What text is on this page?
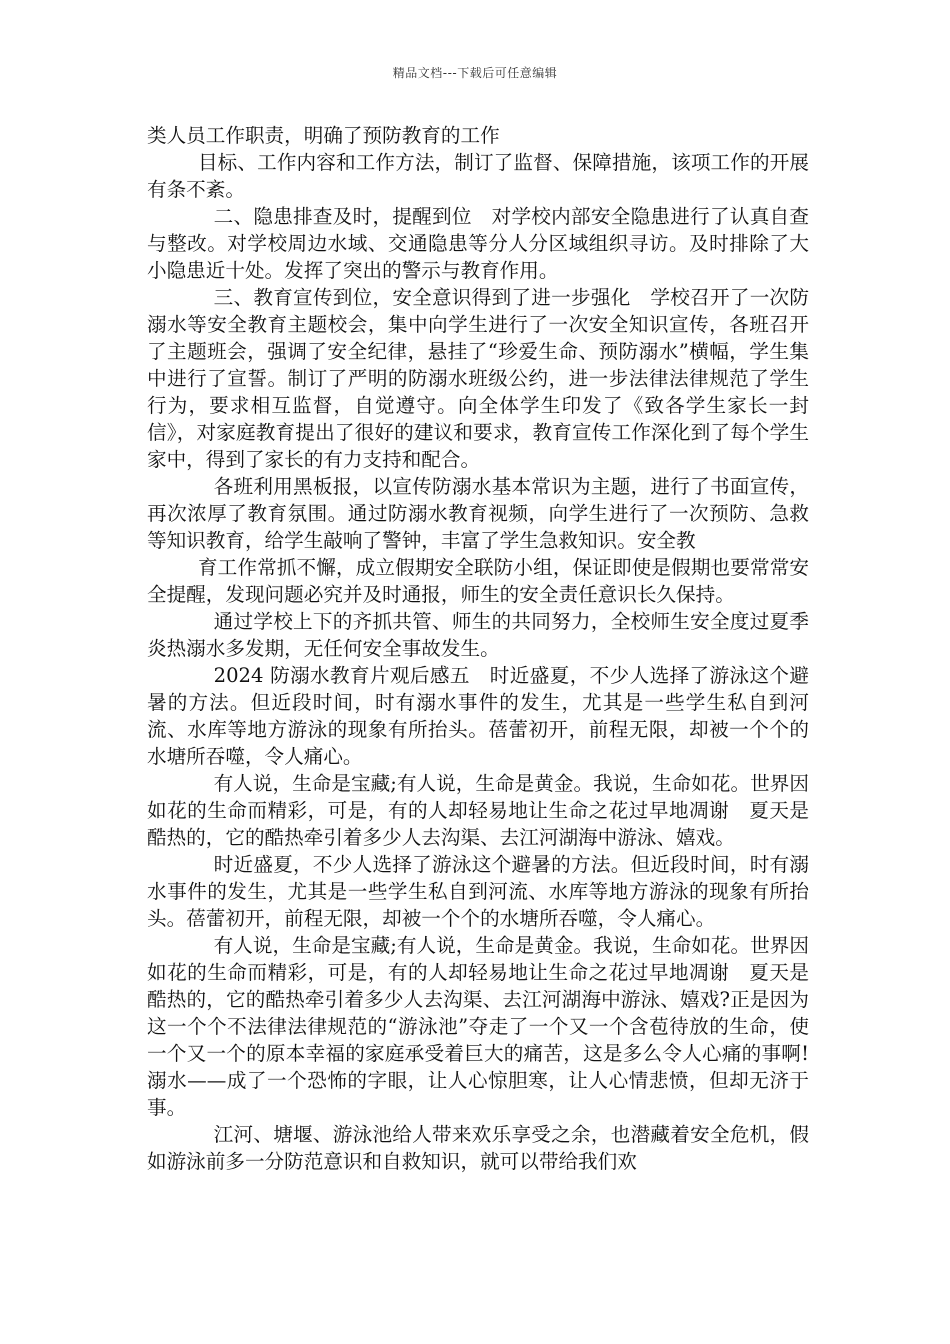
精品文档---下载后可任意编辑

类人员工作职责，明确了预防教育的工作

目标、工作内容和工作方法，制订了监督、保障措施，该项工作的开展有条不紊。

二、隐患排查及时，提醒到位　对学校内部安全隐患进行了认真自查与整改。对学校周边水域、交通隐患等分人分区域组织寻访。及时排除了大小隐患近十处。发挥了突出的警示与教育作用。

三、教育宣传到位，安全意识得到了进一步强化　学校召开了一次防溺水等安全教育主题校会，集中向学生进行了一次安全知识宣传，各班召开了主题班会，强调了安全纪律，悬挂了“珍爱生命、预防溺水”横幅，学生集中进行了宣誓。制订了严明的防溺水班级公约，进一步法律法律规范了学生行为，要求相互监督，自觉遵守。向全体学生印发了《致各学生家长一封信》，对家庭教育提出了很好的建议和要求，教育宣传工作深化到了每个学生家中，得到了家长的有力支持和配合。

各班利用黑板报，以宣传防溺水基本常识为主题，进行了书面宣传，再次浓厚了教育氛围。通过防溺水教育视频，向学生进行了一次预防、急救等知识教育，给学生敲响了警钟，丰富了学生急救知识。安全教

育工作常抓不懈，成立假期安全联防小组，保证即使是假期也要常常安全提醒，发现问题必究并及时通报，师生的安全责任意识长久保持。

通过学校上下的齐抓共管、师生的共同努力，全校师生安全度过夏季炎热溺水多发期，无任何安全事故发生。

2024 防溺水教育片观后感五　时近盛夏，不少人选择了游泳这个避暑的方法。但近段时间，时有溺水事件的发生，尤其是一些学生私自到河流、水库等地方游泳的现象有所抬头。蓓蕾初开，前程无限，却被一个个的水塘所吞噬，令人痛心。

有人说，生命是宝藏;有人说，生命是黄金。我说，生命如花。世界因如花的生命而精彩，可是，有的人却轻易地让生命之花过早地凋谢　夏天是酷热的，它的酷热牵引着多少人去沟渠、去江河湖海中游泳、嬉戏。

时近盛夏，不少人选择了游泳这个避暑的方法。但近段时间，时有溺水事件的发生，尤其是一些学生私自到河流、水库等地方游泳的现象有所抬头。蓓蕾初开，前程无限，却被一个个的水塘所吞噬，令人痛心。

有人说，生命是宝藏;有人说，生命是黄金。我说，生命如花。世界因如花的生命而精彩，可是，有的人却轻易地让生命之花过早地凋谢　夏天是酷热的，它的酷热牵引着多少人去沟渠、去江河湖海中游泳、嬉戏?正是因为这一个个不法律法律规范的“游泳池”夺走了一个又一个含苞待放的生命，使一个又一个的原本幸福的家庭承受着巨大的痛苦，这是多么令人心痛的事啊!溺水——成了一个恐怖的字眼，让人心惊胆寒，让人心情悲愤，但却无济于事。

江河、塘堰、游泳池给人带来欢乐享受之余，也潜藏着安全危机，假如游泳前多一分防范意识和自救知识，就可以带给我们欢
